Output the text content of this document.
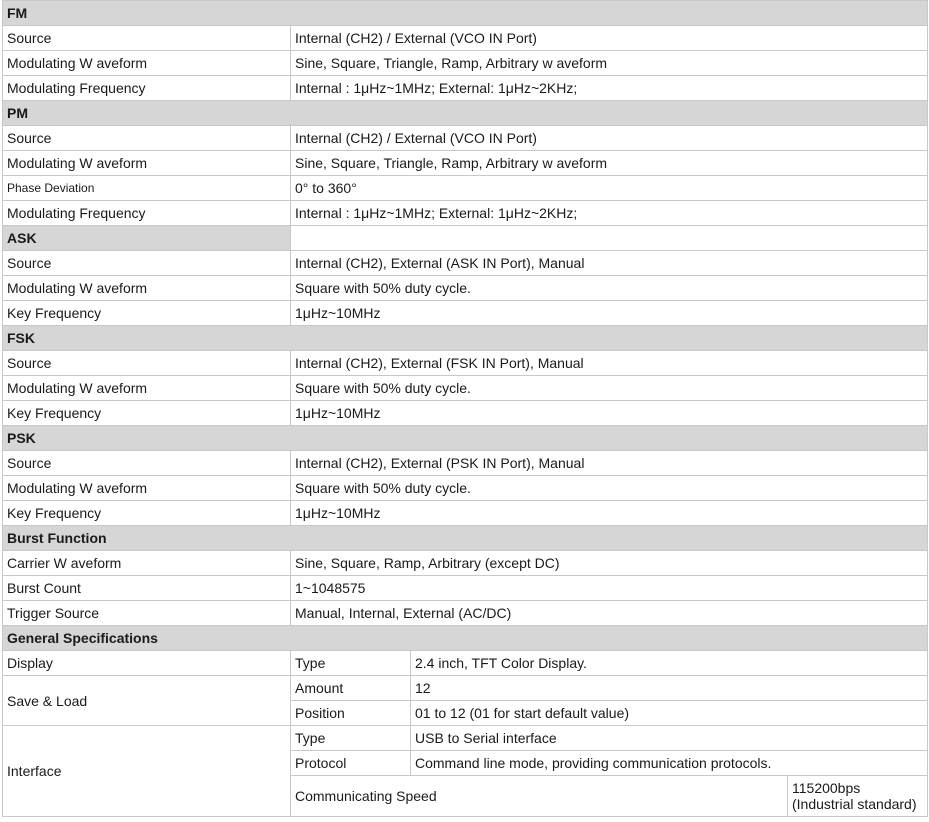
FM			
Source	Internal (CH2) / External (VCO IN Port)		
Modulating W aveform	Sine, Square, Triangle, Ramp, Arbitrary w aveform		
Modulating Frequency	Internal : 1μHz~1MHz; External: 1μHz~2KHz;		
PM			
Source	Internal (CH2) / External (VCO IN Port)		
Modulating W aveform	Sine, Square, Triangle, Ramp, Arbitrary w aveform		
Phase Deviation	0° to 360°		
Modulating Frequency	Internal : 1μHz~1MHz; External: 1μHz~2KHz;		
ASK			
Source	Internal (CH2), External (ASK IN Port), Manual		
Modulating W aveform	Square with 50% duty cycle.		
Key Frequency	1μHz~10MHz		
FSK			
Source	Internal (CH2), External (FSK IN Port), Manual		
Modulating W aveform	Square with 50% duty cycle.		
Key Frequency	1μHz~10MHz		
PSK			
Source	Internal (CH2), External (PSK IN Port), Manual		
Modulating W aveform	Square with 50% duty cycle.		
Key Frequency	1μHz~10MHz		
Burst Function			
Carrier W aveform	Sine, Square, Ramp, Arbitrary (except DC)		
Burst Count	1~1048575		
Trigger Source	Manual, Internal, External (AC/DC)		
General Specifications			
Display	Type	2.4 inch, TFT Color Display.	
Save & Load	Amount	12	
	Position	01 to 12 (01 for start default value)	
Interface	Type	USB to Serial interface	
	Protocol	Command line mode, providing communication protocols.	
	Communicating Speed		115200bps
(Industrial standard)
